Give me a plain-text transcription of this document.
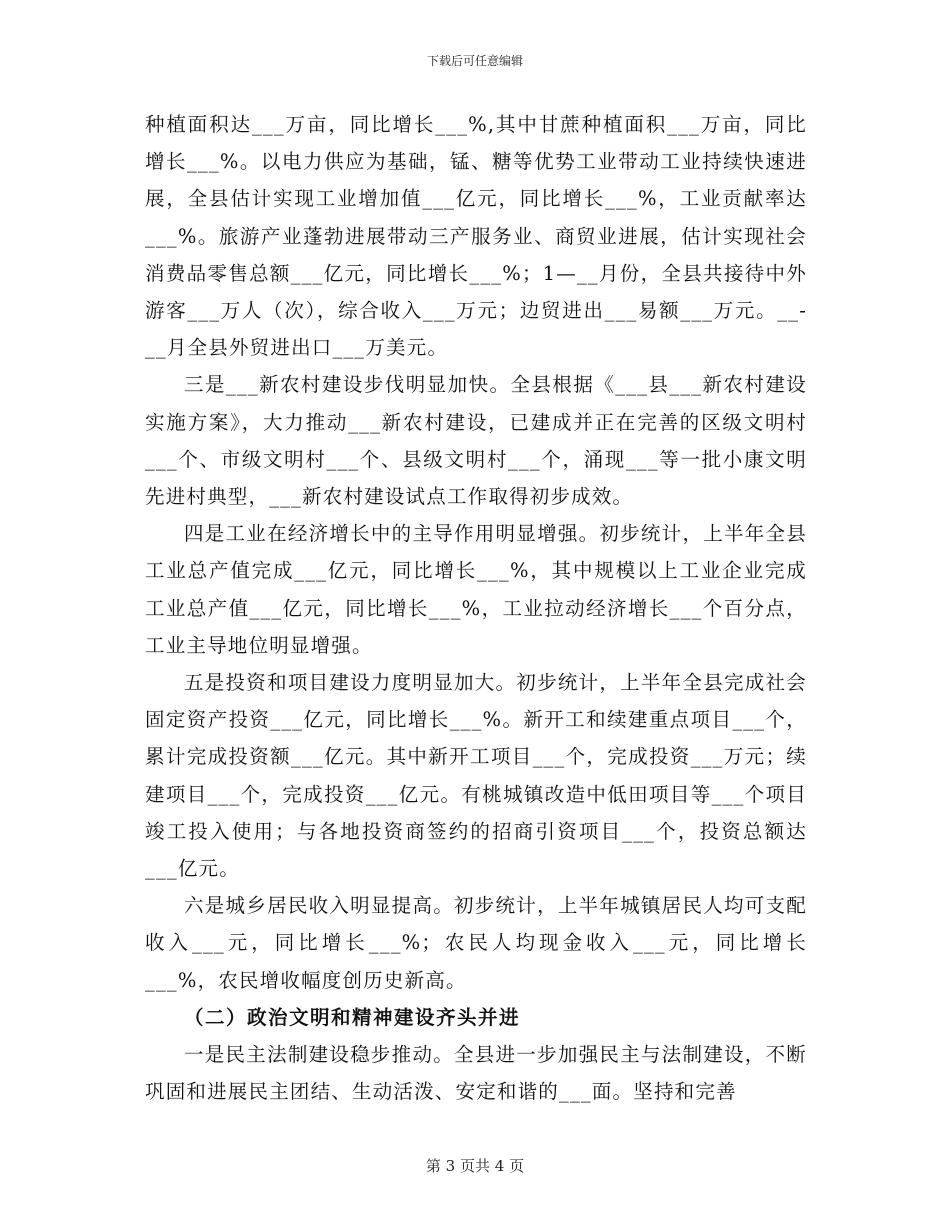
下载后可任意编辑

种植面积达___万亩，同比增长___%,其中甘蔗种植面积___万亩，同比增长___%。以电力供应为基础，锰、糖等优势工业带动工业持续快速进展，全县估计实现工业增加值___亿元，同比增长___%，工业贡献率达___%。旅游产业蓬勃进展带动三产服务业、商贸业进展，估计实现社会消费品零售总额___亿元，同比增长___%；1—__月份，全县共接待中外游客___万人（次），综合收入___万元；边贸进出___易额___万元。__-__月全县外贸进出口___万美元。

三是___新农村建设步伐明显加快。全县根据《___县___新农村建设实施方案》，大力推动___新农村建设，已建成并正在完善的区级文明村___个、市级文明村___个、县级文明村___个，涌现___等一批小康文明先进村典型，___新农村建设试点工作取得初步成效。

四是工业在经济增长中的主导作用明显增强。初步统计，上半年全县工业总产值完成___亿元，同比增长___%，其中规模以上工业企业完成工业总产值___亿元，同比增长___%，工业拉动经济增长___个百分点，工业主导地位明显增强。

五是投资和项目建设力度明显加大。初步统计，上半年全县完成社会固定资产投资___亿元，同比增长___%。新开工和续建重点项目___个，累计完成投资额___亿元。其中新开工项目___个，完成投资___万元；续建项目___个，完成投资___亿元。有桃城镇改造中低田项目等___个项目竣工投入使用；与各地投资商签约的招商引资项目___个，投资总额达___亿元。

六是城乡居民收入明显提高。初步统计，上半年城镇居民人均可支配收入___元，同比增长___%；农民人均现金收入___元，同比增长___%，农民增收幅度创历史新高。

（二）政治文明和精神建设齐头并进

一是民主法制建设稳步推动。全县进一步加强民主与法制建设，不断巩固和进展民主团结、生动活泼、安定和谐的___面。坚持和完善

第 3 页共 4 页
